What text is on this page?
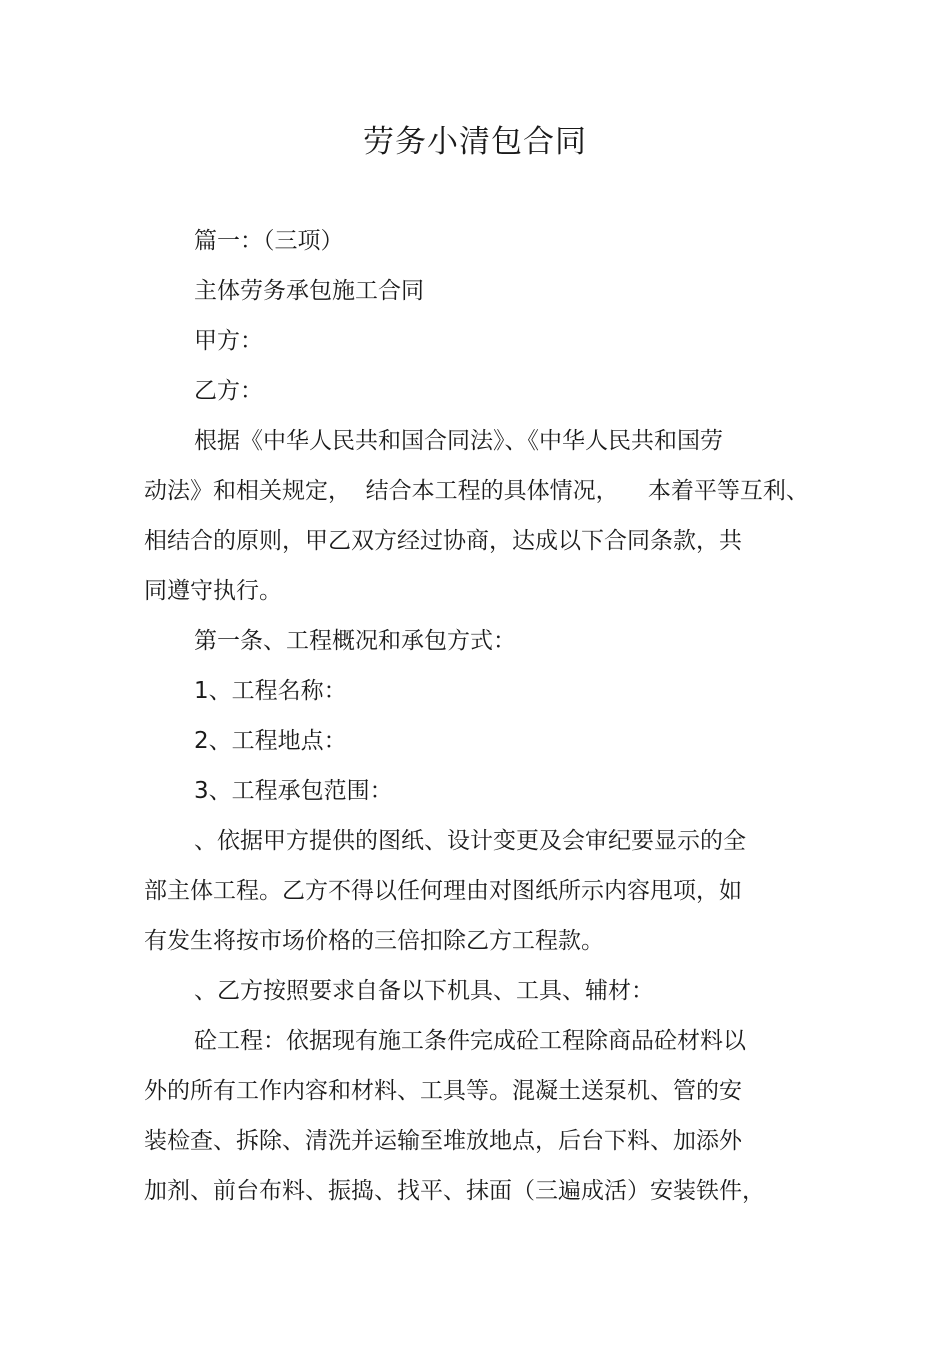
劳务小清包合同
篇一：（三项）
主体劳务承包施工合同
甲方：
乙方：
根据《中华人民共和国合同法》、《中华人民共和国劳
动法》和相关规定，  结合本工程的具体情况，    本着平等互利、
相结合的原则，甲乙双方经过协商，达成以下合同条款，共
同遵守执行。
第一条、工程概况和承包方式：
1、工程名称：
2、工程地点：
3、工程承包范围：
、依据甲方提供的图纸、设计变更及会审纪要显示的全
部主体工程。乙方不得以任何理由对图纸所示内容甩项，如
有发生将按市场价格的三倍扣除乙方工程款。
、乙方按照要求自备以下机具、工具、辅材：
砼工程：依据现有施工条件完成砼工程除商品砼材料以
外的所有工作内容和材料、工具等。混凝土送泵机、管的安
装检查、拆除、清洗并运输至堆放地点，后台下料、加添外
加剂、前台布料、振捣、找平、抹面（三遍成活）安装铁件，
